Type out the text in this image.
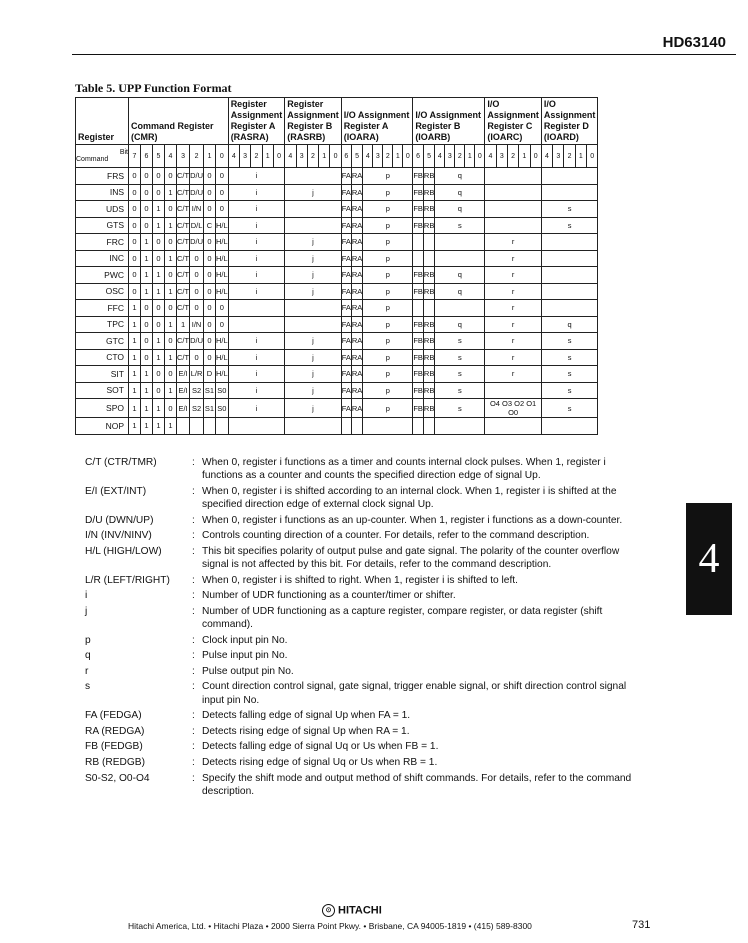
HD63140
Table 5. UPP Function Format
Register	Command Register (CMR)								Register Assignment Register A (RASRA)					Register Assignment Register B (RASRB)					I/O Assignment Register A (IOARA)							I/O Assignment Register B (IOARB)							I/O Assignment Register C (IOARC)					I/O Assignment Register D (IOARD)				

Bit
Command	7	6	5	4	3	2	1	0	4	3	2	1	0	4	3	2	1	0	6	5	4	3	2	1	0	6	5	4	3	2	1	0	4	3	2	1	0	4	3	2	1	0
FRS	0	0	0	0	C/T	D/U	0	0	i										FA	RA	p					FB	RB	q														
INS	0	0	0	1	C/T	D/U	0	0	i					j					FA	RA	p					FB	RB	q														
UDS	0	0	1	0	C/T	I/N	0	0	i										FA	RA	p					FB	RB	q										s				
GTS	0	0	1	1	C/T	D/L	C	H/L	i										FA	RA	p					FB	RB	s										s				
FRC	0	1	0	0	C/T	D/U	0	H/L	i					j					FA	RA	p												r									
INC	0	1	0	1	C/T	0	0	H/L	i					j					FA	RA	p												r									
PWC	0	1	1	0	C/T	0	0	H/L	i					j					FA	RA	p					FB	RB	q					r									
OSC	0	1	1	1	C/T	0	0	H/L	i					j					FA	RA	p					FB	RB	q					r									
FFC	1	0	0	0	C/T	0	0	0											FA	RA	p												r									
TPC	1	0	0	1	1	I/N	0	0											FA	RA	p					FB	RB	q					r					q				
GTC	1	0	1	0	C/T	D/U	0	H/L	i					j					FA	RA	p					FB	RB	s					r					s				
CTO	1	0	1	1	C/T	0	0	H/L	i					j					FA	RA	p					FB	RB	s					r					s				
SIT	1	1	0	0	E/I	L/R	D	H/L	i					j					FA	RA	p					FB	RB	s					r					s				
SOT	1	1	0	1	E/I	S2	S1	S0	i					j					FA	RA	p					FB	RB	s										s				
SPO	1	1	1	0	E/I	S2	S1	S0	i					j					FA	RA	p					FB	RB	s					O4 O3 O2 O1 O0					s				
NOP	1	1	1	1																																						
C/T (CTR/TMR)	: When 0, register i functions as a timer and counts internal clock pulses. When 1, register i functions as a counter and counts the specified direction edge of signal Up.
E/I (EXT/INT)	: When 0, register i is shifted according to an internal clock. When 1, register i is shifted at the specified direction edge of external clock signal Up.
D/U (DWN/UP)	: When 0, register i functions as an up-counter. When 1, register i functions as a down-counter.
I/N (INV/NINV)	: Controls counting direction of a counter. For details, refer to the command description.
H/L (HIGH/LOW)	: This bit specifies polarity of output pulse and gate signal. The polarity of the counter overflow signal is not affected by this bit. For details, refer to the command description.
L/R (LEFT/RIGHT)	: When 0, register i is shifted to right. When 1, register i is shifted to left.
i	: Number of UDR functioning as a counter/timer or shifter.
j	: Number of UDR functioning as a capture register, compare register, or data register (shift command).
p	: Clock input pin No.
q	: Pulse input pin No.
r	: Pulse output pin No.
s	: Count direction control signal, gate signal, trigger enable signal, or shift direction control signal input pin No.
FA (FEDGA)	: Detects falling edge of signal Up when FA = 1.
RA (REDGA)	: Detects rising edge of signal Up when RA = 1.
FB (FEDGB)	: Detects falling edge of signal Uq or Us when FB = 1.
RB (REDGB)	: Detects rising edge of signal Uq or Us when RB = 1.
S0-S2, O0-O4	: Specify the shift mode and output method of shift commands. For details, refer to the command description.
4
⊙ HITACHI
Hitachi America, Ltd. • Hitachi Plaza • 2000 Sierra Point Pkwy. • Brisbane, CA 94005-1819 • (415) 589-8300	731
